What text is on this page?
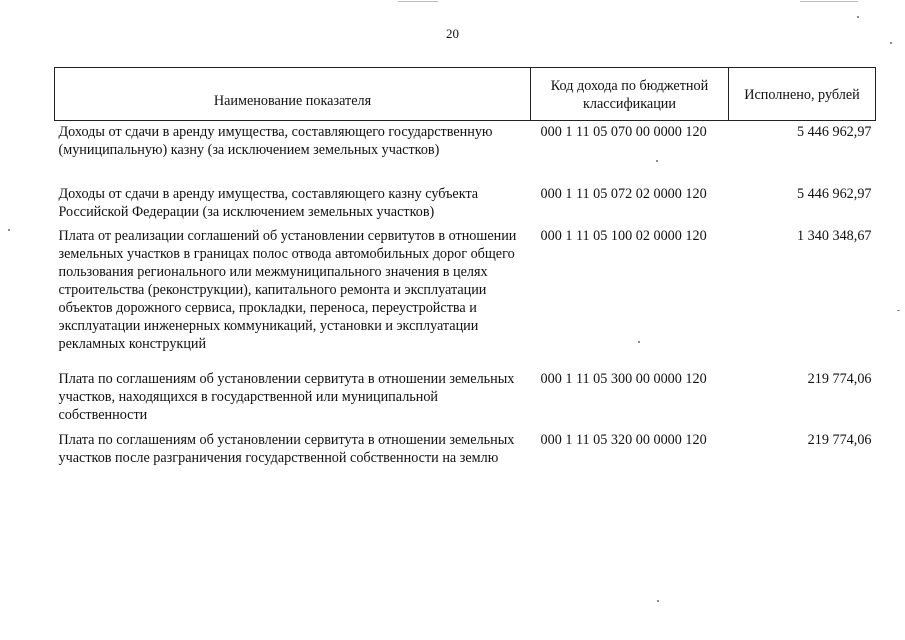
20
Наименование показателя	Код дохода по бюджетной классификации	Исполнено, рублей
Доходы от сдачи в аренду имущества, составляющего государственную (муниципальную) казну (за исключением земельных участков)	000 1 11 05 070 00 0000 120	5 446 962,97
Доходы от сдачи в аренду имущества, составляющего казну субъекта Российской Федерации (за исключением земельных участков)	000 1 11 05 072 02 0000 120	5 446 962,97
Плата от реализации соглашений об установлении сервитутов в отношении земельных участков в границах полос отвода автомобильных дорог общего пользования регионального или межмуниципального значения в целях строительства (реконструкции), капитального ремонта и эксплуатации объектов дорожного сервиса, прокладки, переноса, переустройства и эксплуатации инженерных коммуникаций, установки и эксплуатации рекламных конструкций	000 1 11 05 100 02 0000 120	1 340 348,67
Плата по соглашениям об установлении сервитута в отношении земельных участков, находящихся в государственной или муниципальной собственности	000 1 11 05 300 00 0000 120	219 774,06
Плата по соглашениям об установлении сервитута в отношении земельных участков после разграничения государственной собственности на землю	000 1 11 05 320 00 0000 120	219 774,06
